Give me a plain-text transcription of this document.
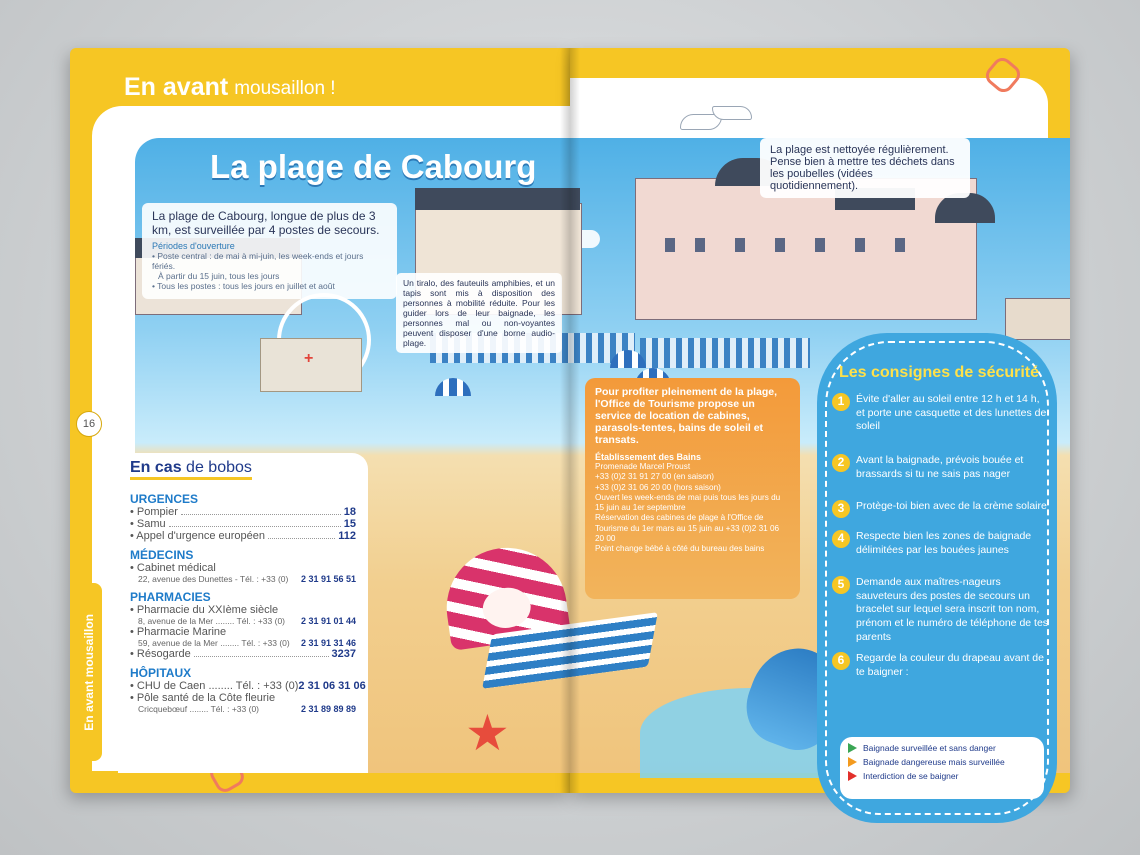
En avant mousaillon !
16
En avant mousaillon
+
La plage de Cabourg
La plage de Cabourg, longue de plus de 3 km, est surveillée par 4 postes de secours.
Périodes d'ouverture
• Poste central : de mai à mi-juin, les week-ends et jours fériés.
À partir du 15 juin, tous les jours
• Tous les postes : tous les jours en juillet et août	Un tiralo, des fauteuils amphibies, et un tapis sont mis à disposition des personnes à mobilité réduite. Pour les guider lors de leur baignade, les personnes mal ou non-voyantes peuvent disposer d'une borne audio-plage.
La plage est nettoyée régulièrement. Pense bien à mettre tes déchets dans les poubelles (vidées quotidiennement).
★
Pour profiter pleinement de la plage, l'Office de Tourisme propose un service de location de cabines, parasols-tentes, bains de soleil et transats.
Établissement des Bains
Promenade Marcel Proust
+33 (0)2 31 91 27 00 (en saison)
+33 (0)2 31 06 20 00 (hors saison)
Ouvert les week-ends de mai puis tous les jours du 15 juin au 1er septembre
Réservation des cabines de plage à l'Office de Tourisme du 1er mars au 15 juin au +33 (0)2 31 06 20 00
Point change bébé à côté du bureau des bains
En cas de bobos
URGENCES
• Pompier	18
• Samu	15
• Appel d'urgence européen	112
MÉDECINS
• Cabinet médical
22, avenue des Dunettes - Tél. : +33 (0) 2 31 91 56 51
PHARMACIES
• Pharmacie du XXIème siècle
8, avenue de la Mer ........ Tél. : +33 (0) 2 31 91 01 44
• Pharmacie Marine
59, avenue de la Mer ........ Tél. : +33 (0) 2 31 91 31 46
• Résogarde	3237
HÔPITAUX
• CHU de Caen ........ Tél. : +33 (0) 2 31 06 31 06
• Pôle santé de la Côte fleurie
Cricquebœuf ........ Tél. : +33 (0)	2 31 89 89 89
Les consignes de sécurité
1	Évite d'aller au soleil entre 12 h et 14 h, et porte une casquette et des lunettes de soleil
2	Avant la baignade, prévois bouée et brassards si tu ne sais pas nager
3	Protège-toi bien avec de la crème solaire
4	Respecte bien les zones de baignade délimitées par les bouées jaunes
5	Demande aux maîtres-nageurs sauveteurs des postes de secours un bracelet sur lequel sera inscrit ton nom, prénom et le numéro de téléphone de tes parents
6	Regarde la couleur du drapeau avant de te baigner :
Baignade surveillée et sans danger
Baignade dangereuse mais surveillée
Interdiction de se baigner
